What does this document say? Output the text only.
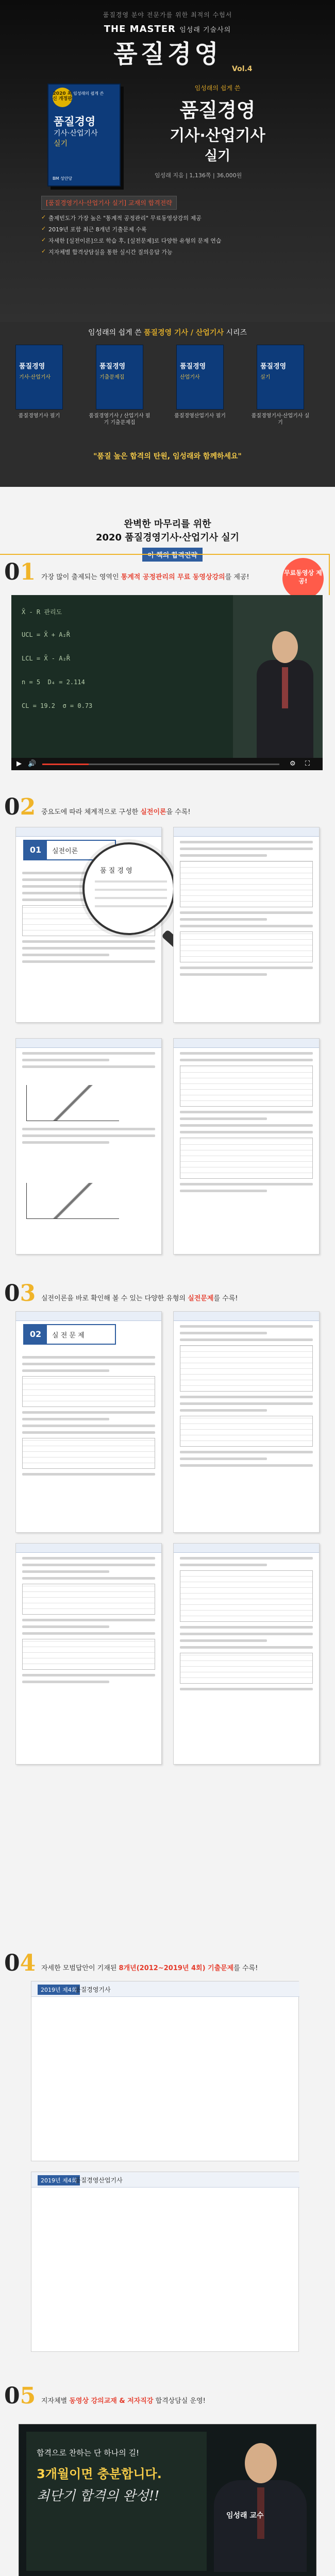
품질경영 분야 전문가를 위한 최적의 수험서
THE MASTER 임성래 기술사의
품질경영
Vol.4
2020 최신 개정판
임성래의 쉽게 쓴
품질경영
기사·산업기사
실기
BM 성안당
임성래의 쉽게 쓴
품질경영
기사·산업기사
실기
임성래 지음 | 1,136쪽 | 36,000원
[품질경영기사·산업기사 실기] 교재의 합격전략
✓ 출제빈도가 가장 높은 "통계적 공정관리" 무료동영상강의 제공
✓ 2019년 포함 최근 8개년 기출문제 수록
✓ 자세한 [실전이론]으로 학습 후, [실전문제]로 다양한 유형의 문제 연습
✓ 지자체별 합격상담실을 통한 실시간 질의응답 가능
임성래의 쉽게 쓴 품질경영 기사 / 산업기사 시리즈
품질경영
기사·산업기사
품질경영기사 필기
품질경영
기출문제집
품질경영기사 / 산업기사 필기 기출문제집
품질경영
산업기사
품질경영산업기사 필기
품질경영
실기
품질경영기사·산업기사 실기
"품질 높은 합격의 탄원, 임성래와 함께하세요"
완벽한 마무리를 위한
2020 품질경영기사·산업기사 실기
이 책의 합격전략
01 가장 많이 출제되는 영역인 통계적 공정관리의 무료 동영상강의를 제공!
무료동영상 제공!
X̄ - R 관리도
UCL = X̄ + A₂R̄
LCL = X̄ - A₂R̄
n = 5  D₄ = 2.114
CL = 19.2  σ = 0.73
▶ 🔊	⚙ ⛶
02 중요도에 따라 체계적으로 구성한 실전이론을 수록!
01	실전이론
품 질 경 영
03 실전이론을 바로 확인해 볼 수 있는 다양한 유형의 실전문제를 수록!
02	실 전 문 제
04 자세한 모범답안이 기재된 8개년(2012~2019년 4회) 기출문제를 수록!
2019년 제4회
품질경영기사
2019년 제4회
품질경영산업기사
05 지자체별 동영상 강의교재 & 저자직강 합격상담실 운영!
합격으로 찬하는 단 하나의 길!
3개월이면 충분합니다.
최단기 합격의 완성!!
임성래 교수
